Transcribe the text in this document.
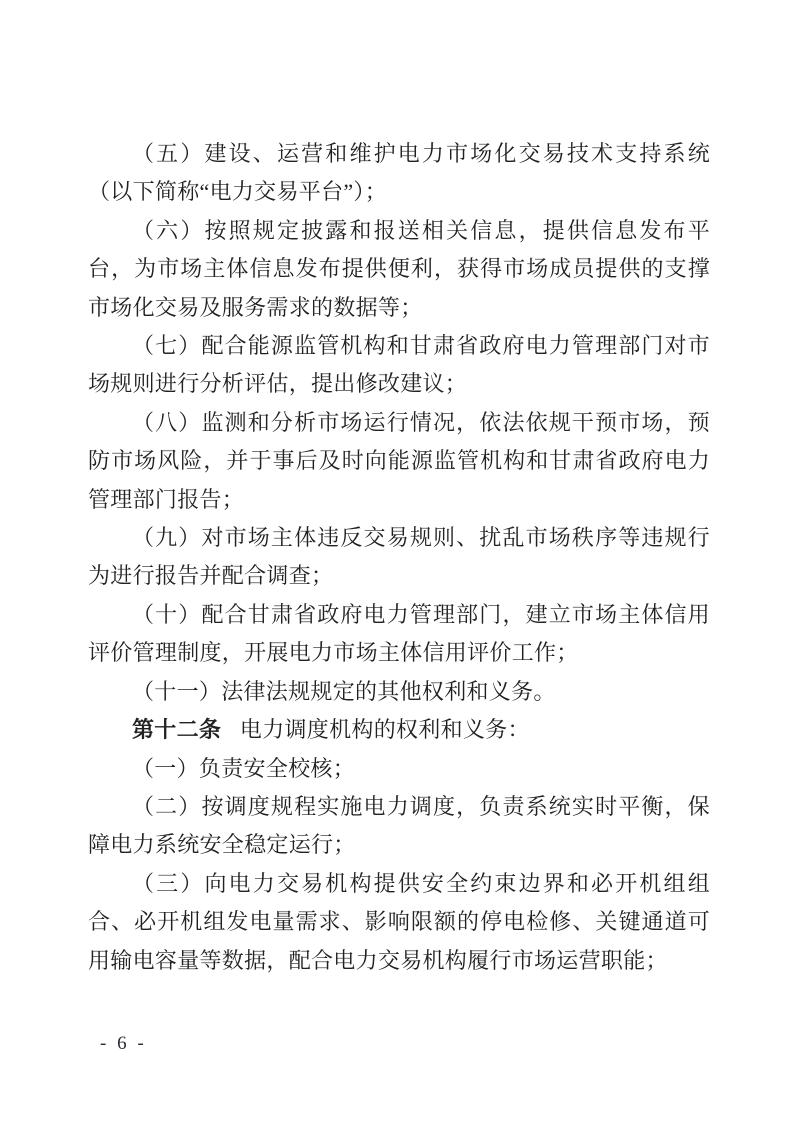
（五）建设、运营和维护电力市场化交易技术支持系统（以下简称“电力交易平台”）；

（六）按照规定披露和报送相关信息，提供信息发布平台，为市场主体信息发布提供便利，获得市场成员提供的支撑市场化交易及服务需求的数据等；

（七）配合能源监管机构和甘肃省政府电力管理部门对市场规则进行分析评估，提出修改建议；

（八）监测和分析市场运行情况，依法依规干预市场，预防市场风险，并于事后及时向能源监管机构和甘肃省政府电力管理部门报告；

（九）对市场主体违反交易规则、扰乱市场秩序等违规行为进行报告并配合调查；

（十）配合甘肃省政府电力管理部门，建立市场主体信用评价管理制度，开展电力市场主体信用评价工作；

（十一）法律法规规定的其他权利和义务。

第十二条 电力调度机构的权利和义务：

（一）负责安全校核；

（二）按调度规程实施电力调度，负责系统实时平衡，保障电力系统安全稳定运行；

（三）向电力交易机构提供安全约束边界和必开机组组合、必开机组发电量需求、影响限额的停电检修、关键通道可用输电容量等数据，配合电力交易机构履行市场运营职能；

- 6 -
